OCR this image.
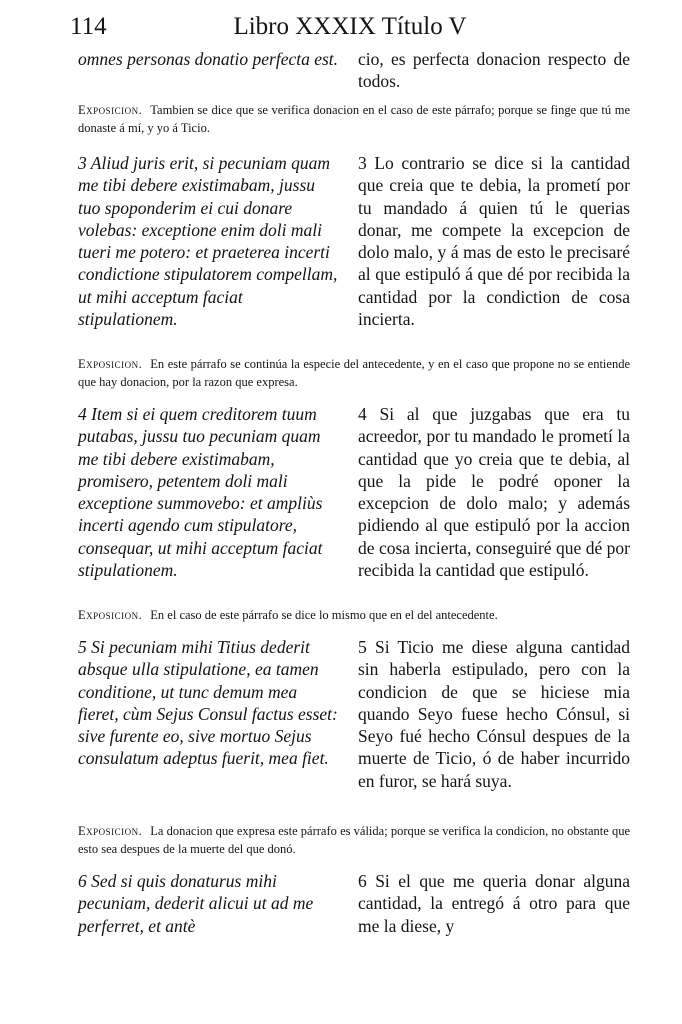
114	Libro XXXIX Título V
omnes personas donatio perfecta est. cio, es perfecta donacion respecto de todos.
Exposicion. Tambien se dice que se verifica donacion en el caso de este párrafo; porque se finge que tú me donaste á mí, y yo á Ticio.
3 Aliud juris erit, si pecuniam quam me tibi debere existimabam, jussu tuo spoponderim ei cui donare volebas: exceptione enim doli mali tueri me potero: et praeterea incerti condictione stipulatorem compellam, ut mihi acceptum faciat stipulationem.
3 Lo contrario se dice si la cantidad que creia que te debia, la prometí por tu mandado á quien tú le querias donar, me compete la excepcion de dolo malo, y á mas de esto le precisaré al que estipuló á que dé por recibida la cantidad por la condiction de cosa incierta.
Exposicion. En este párrafo se continúa la especie del antecedente, y en el caso que propone no se entiende que hay donacion, por la razon que expresa.
4 Item si ei quem creditorem tuum putabas, jussu tuo pecuniam quam me tibi debere existimabam, promisero, petentem doli mali exceptione summovebo: et ampliùs incerti agendo cum stipulatore, consequar, ut mihi acceptum faciat stipulationem.
4 Si al que juzgabas que era tu acreedor, por tu mandado le prometí la cantidad que yo creia que te debia, al que la pide le podré oponer la excepcion de dolo malo; y además pidiendo al que estipuló por la accion de cosa incierta, conseguiré que dé por recibida la cantidad que estipuló.
Exposicion. En el caso de este párrafo se dice lo mismo que en el del antecedente.
5 Si pecuniam mihi Titius dederit absque ulla stipulatione, ea tamen conditione, ut tunc demum mea fieret, cùm Sejus Consul factus esset: sive furente eo, sive mortuo Sejus consulatum adeptus fuerit, mea fiet.
5 Si Ticio me diese alguna cantidad sin haberla estipulado, pero con la condicion de que se hiciese mia quando Seyo fuese hecho Cónsul, si Seyo fué hecho Cónsul despues de la muerte de Ticio, ó de haber incurrido en furor, se hará suya.
Exposicion. La donacion que expresa este párrafo es válida; porque se verifica la condicion, no obstante que esto sea despues de la muerte del que donó.
6 Sed si quis donaturus mihi pecuniam, dederit alicui ut ad me perferret, et antè
6 Si el que me queria donar alguna cantidad, la entregó á otro para que me la diese, y
